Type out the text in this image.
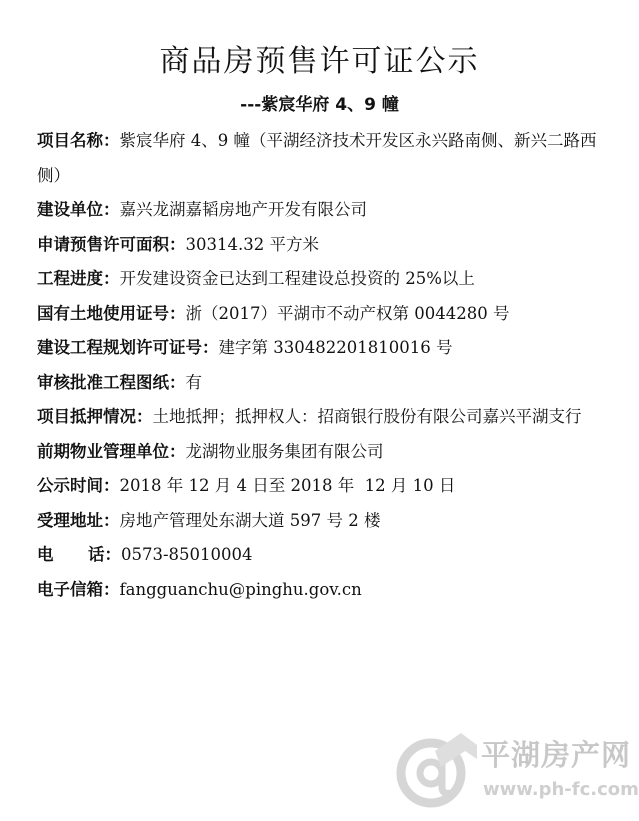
商品房预售许可证公示
---紫宸华府 4、9 幢

项目名称：紫宸华府 4、9 幢（平湖经济技术开发区永兴路南侧、新兴二路西侧）

建设单位：嘉兴龙湖嘉韬房地产开发有限公司

申请预售许可面积：30314.32 平方米

工程进度：开发建设资金已达到工程建设总投资的 25%以上

国有土地使用证号：浙（2017）平湖市不动产权第 0044280 号

建设工程规划许可证号：建字第 330482201810016 号

审核批准工程图纸：有

项目抵押情况：土地抵押；抵押权人：招商银行股份有限公司嘉兴平湖支行

前期物业管理单位：龙湖物业服务集团有限公司

公示时间：2018 年 12 月 4 日至 2018 年  12 月 10 日

受理地址：房地产管理处东湖大道 597 号 2 楼

电      话：0573-85010004

电子信箱：fangguanchu@pinghu.gov.cn

平湖房产网
www.ph-fc.com
